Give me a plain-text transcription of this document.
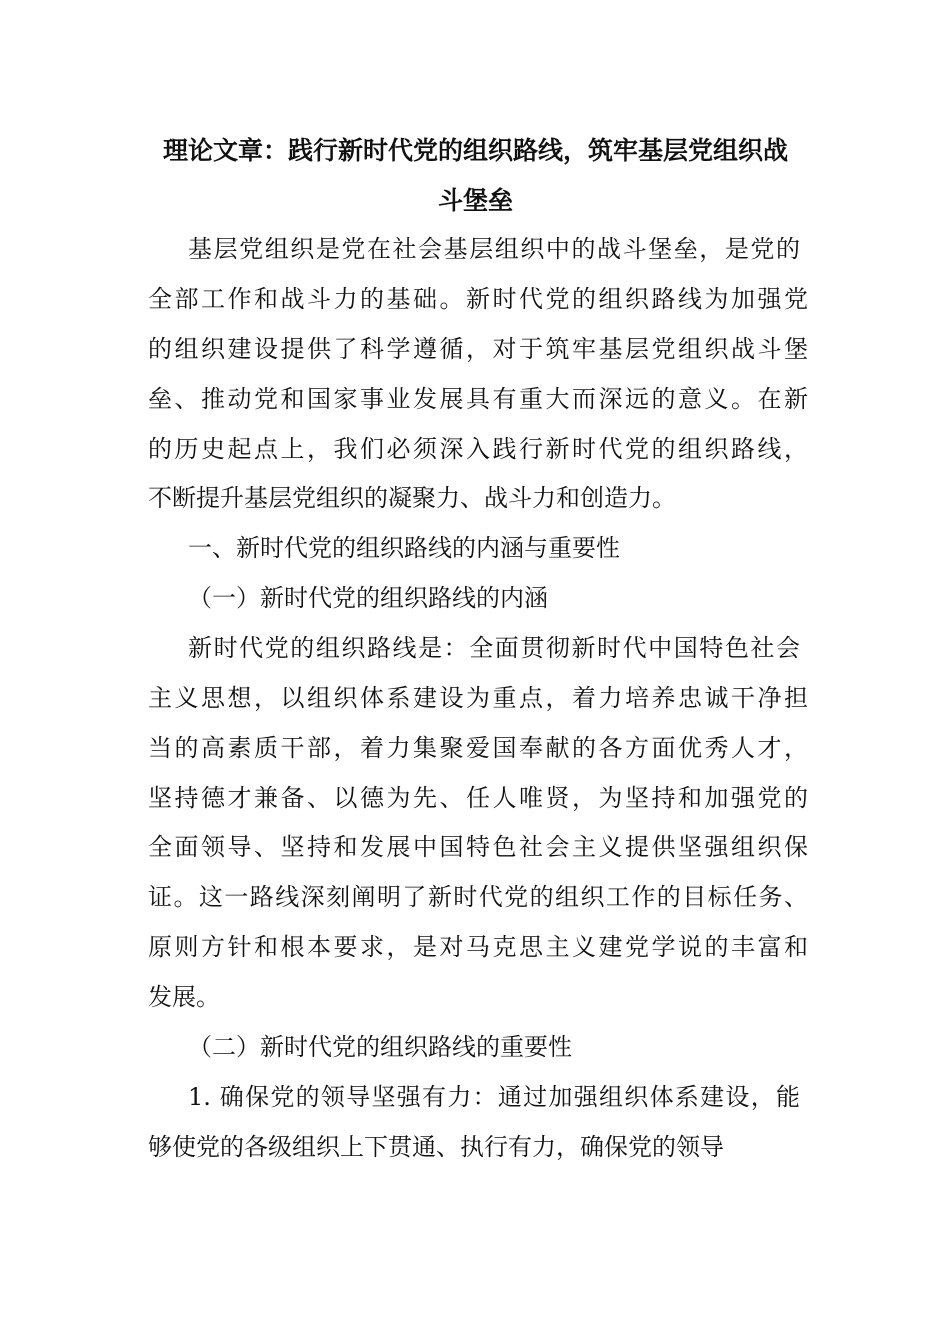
理论文章：践行新时代党的组织路线，筑牢基层党组织战
斗堡垒

基层党组织是党在社会基层组织中的战斗堡垒，是党的

全部工作和战斗力的基础。新时代党的组织路线为加强党

的组织建设提供了科学遵循，对于筑牢基层党组织战斗堡

垒、推动党和国家事业发展具有重大而深远的意义。在新

的历史起点上，我们必须深入践行新时代党的组织路线，

不断提升基层党组织的凝聚力、战斗力和创造力。

一、新时代党的组织路线的内涵与重要性

（一）新时代党的组织路线的内涵

新时代党的组织路线是：全面贯彻新时代中国特色社会

主义思想，以组织体系建设为重点，着力培养忠诚干净担

当的高素质干部，着力集聚爱国奉献的各方面优秀人才，

坚持德才兼备、以德为先、任人唯贤，为坚持和加强党的

全面领导、坚持和发展中国特色社会主义提供坚强组织保

证。这一路线深刻阐明了新时代党的组织工作的目标任务、

原则方针和根本要求，是对马克思主义建党学说的丰富和

发展。

（二）新时代党的组织路线的重要性

1. 确保党的领导坚强有力：通过加强组织体系建设，能

够使党的各级组织上下贯通、执行有力，确保党的领导
